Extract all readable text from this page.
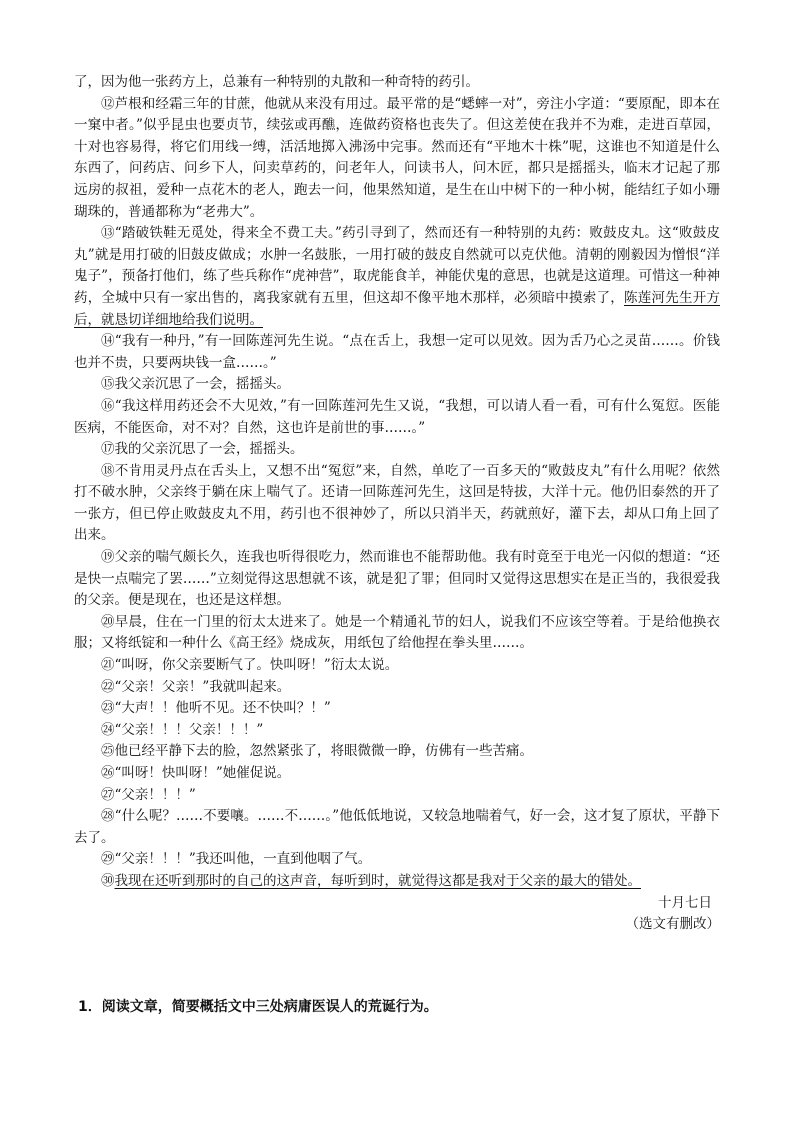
了，因为他一张药方上，总兼有一种特别的丸散和一种奇特的药引。

⑫芦根和经霜三年的甘蔗，他就从来没有用过。最平常的是“蟋蟀一对”，旁注小字道：“要原配，即本在一窠中者。”似乎昆虫也要贞节，续弦或再醮，连做药资格也丧失了。但这差使在我并不为难，走进百草园，十对也容易得，将它们用线一缚，活活地掷入沸汤中完事。然而还有“平地木十株”呢，这谁也不知道是什么东西了，问药店、问乡下人，问卖草药的，问老年人，问读书人，问木匠，都只是摇摇头，临末才记起了那远房的叔祖，爱种一点花木的老人，跑去一问，他果然知道，是生在山中树下的一种小树，能结红子如小珊瑚珠的，普通都称为“老弗大”。

⑬“踏破铁鞋无觅处，得来全不费工夫。”药引寻到了，然而还有一种特别的丸药：败鼓皮丸。这“败鼓皮丸”就是用打破的旧鼓皮做成；水肿一名鼓胀，一用打破的鼓皮自然就可以克伏他。清朝的刚毅因为憎恨“洋鬼子”，预备打他们，练了些兵称作“虎神营”，取虎能食羊，神能伏鬼的意思，也就是这道理。可惜这一种神药，全城中只有一家出售的，离我家就有五里，但这却不像平地木那样，必须暗中摸索了，陈莲河先生开方后，就恳切详细地给我们说明。

⑭“我有一种丹，”有一回陈莲河先生说。“点在舌上，我想一定可以见效。因为舌乃心之灵苗……。价钱也并不贵，只要两块钱一盒……。”

⑮我父亲沉思了一会，摇摇头。

⑯“我这样用药还会不大见效，”有一回陈莲河先生又说，“我想，可以请人看一看，可有什么冤愆。医能医病，不能医命，对不对？自然，这也许是前世的事……。”

⑰我的父亲沉思了一会，摇摇头。

⑱不肯用灵丹点在舌头上，又想不出“冤愆”来，自然，单吃了一百多天的“败鼓皮丸”有什么用呢？依然打不破水肿，父亲终于躺在床上喘气了。还请一回陈莲河先生，这回是特拔，大洋十元。他仍旧泰然的开了一张方，但已停止败鼓皮丸不用，药引也不很神妙了，所以只消半天，药就煎好，灌下去，却从口角上回了出来。

⑲父亲的喘气颇长久，连我也听得很吃力，然而谁也不能帮助他。我有时竟至于电光一闪似的想道：“还是快一点喘完了罢……”立刻觉得这思想就不该，就是犯了罪；但同时又觉得这思想实在是正当的，我很爱我的父亲。便是现在，也还是这样想。

⑳早晨，住在一门里的衍太太进来了。她是一个精通礼节的妇人，说我们不应该空等着。于是给他换衣服；又将纸锭和一种什么《高王经》烧成灰，用纸包了给他捏在拳头里……。

㉑“叫呀，你父亲要断气了。快叫呀！”衍太太说。

㉒“父亲！父亲！”我就叫起来。

㉓“大声！！他听不见。还不快叫？！”

㉔“父亲！！！父亲！！！”

㉕他已经平静下去的脸，忽然紧张了，将眼微微一睁，仿佛有一些苦痛。

㉖“叫呀！快叫呀！”她催促说。

㉗“父亲！！！”

㉘“什么呢？……不要嚷。……不……。”他低低地说，又较急地喘着气，好一会，这才复了原状，平静下去了。

㉙“父亲！！！”我还叫他，一直到他咽了气。

㉚我现在还听到那时的自己的这声音，每听到时，就觉得这都是我对于父亲的最大的错处。

十月七日

（选文有删改）

1．阅读文章，简要概括文中三处病庸医误人的荒诞行为。
